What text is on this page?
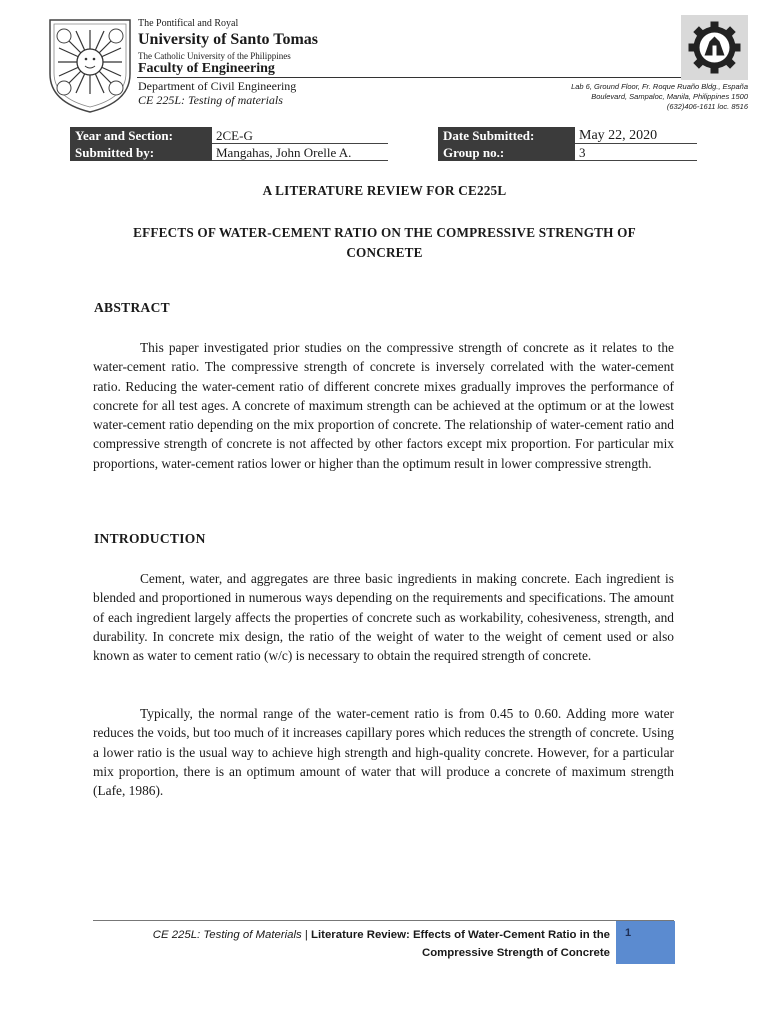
The Pontifical and Royal
University of Santo Tomas
The Catholic University of the Philippines
Faculty of Engineering
Department of Civil Engineering
CE 225L: Testing of materials
Lab 6, Ground Floor, Fr. Roque Ruaño Bldg., España
Boulevard, Sampaloc, Manila, Philippines 1500
(632)406-1611 loc. 8516
Year and Section:	2CE-G
Submitted by:	Mangahas, John Orelle A.
Date Submitted:	May 22, 2020
Group no.:	3
A LITERATURE REVIEW FOR CE225L
EFFECTS OF WATER-CEMENT RATIO ON THE COMPRESSIVE STRENGTH OF CONCRETE
ABSTRACT

This paper investigated prior studies on the compressive strength of concrete as it relates to the water-cement ratio. The compressive strength of concrete is inversely correlated with the water-cement ratio. Reducing the water-cement ratio of different concrete mixes gradually improves the performance of concrete for all test ages. A concrete of maximum strength can be achieved at the optimum or at the lowest water-cement ratio depending on the mix proportion of concrete. The relationship of water-cement ratio and compressive strength of concrete is not affected by other factors except mix proportion. For particular mix proportions, water-cement ratios lower or higher than the optimum result in lower compressive strength.

INTRODUCTION

Cement, water, and aggregates are three basic ingredients in making concrete. Each ingredient is blended and proportioned in numerous ways depending on the requirements and specifications. The amount of each ingredient largely affects the properties of concrete such as workability, cohesiveness, strength, and durability. In concrete mix design, the ratio of the weight of water to the weight of cement used or also known as water to cement ratio (w/c) is necessary to obtain the required strength of concrete.

Typically, the normal range of the water-cement ratio is from 0.45 to 0.60. Adding more water reduces the voids, but too much of it increases capillary pores which reduces the strength of concrete. Using a lower ratio is the usual way to achieve high strength and high-quality concrete. However, for a particular mix proportion, there is an optimum amount of water that will produce a concrete of maximum strength (Lafe, 1986).

CE 225L: Testing of Materials | Literature Review: Effects of Water-Cement Ratio in the
Compressive Strength of Concrete
1
